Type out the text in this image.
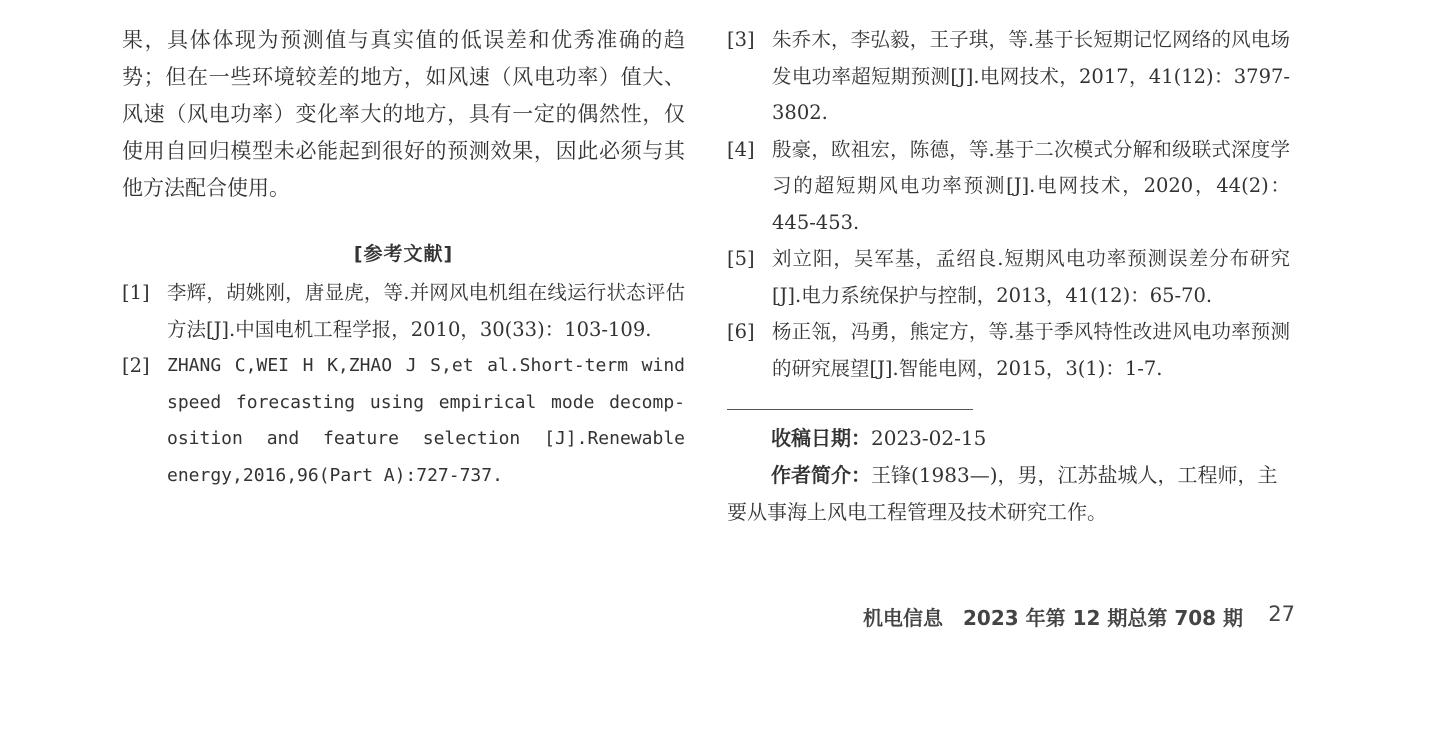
果，具体体现为预测值与真实值的低误差和优秀准确的趋势；但在一些环境较差的地方，如风速（风电功率）值大、风速（风电功率）变化率大的地方，具有一定的偶然性，仅使用自回归模型未必能起到很好的预测效果，因此必须与其他方法配合使用。

[参考文献]
[1] 李辉，胡姚刚，唐显虎，等.并网风电机组在线运行状态评估方法[J].中国电机工程学报，2010，30(33)：103-109.
[2] ZHANG C,WEI H K,ZHAO J S,et al.Short-term wind speed forecasting using empirical mode decomp-osition and feature selection [J].Renewable energy,2016,96(Part A):727-737.
[3] 朱乔木，李弘毅，王子琪，等.基于长短期记忆网络的风电场发电功率超短期预测[J].电网技术，2017，41(12)：3797-3802.
[4] 殷豪，欧祖宏，陈德，等.基于二次模式分解和级联式深度学习的超短期风电功率预测[J].电网技术，2020，44(2)：445-453.
[5] 刘立阳，吴军基，孟绍良.短期风电功率预测误差分布研究[J].电力系统保护与控制，2013，41(12)：65-70.
[6] 杨正瓴，冯勇，熊定方，等.基于季风特性改进风电功率预测的研究展望[J].智能电网，2015，3(1)：1-7.

收稿日期：2023-02-15

作者简介：王锋(1983—)，男，江苏盐城人，工程师，主要从事海上风电工程管理及技术研究工作。

机电信息　2023 年第 12 期总第 708 期 27
